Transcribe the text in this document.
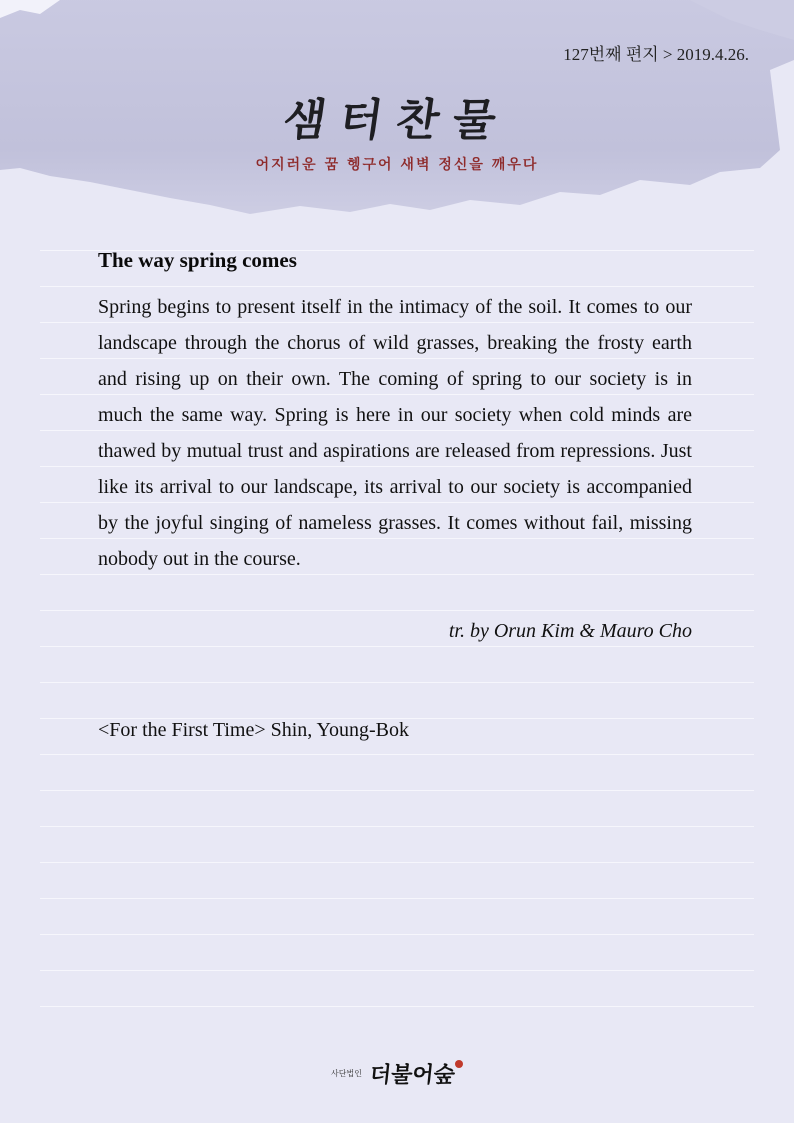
127번째 편지 > 2019.4.26.
샘터찬물
어지러운 꿈 헹구어 새벽 정신을 깨우다
The way spring comes
Spring begins to present itself in the intimacy of the soil. It comes to our landscape through the chorus of wild grasses, breaking the frosty earth and rising up on their own. The coming of spring to our society is in much the same way. Spring is here in our society when cold minds are thawed by mutual trust and aspirations are released from repressions. Just like its arrival to our landscape, its arrival to our society is accompanied by the joyful singing of nameless grasses. It comes without fail, missing nobody out in the course.
tr. by Orun Kim & Mauro Cho
<For the First Time> Shin, Young-Bok
사단법인 더불어숲
